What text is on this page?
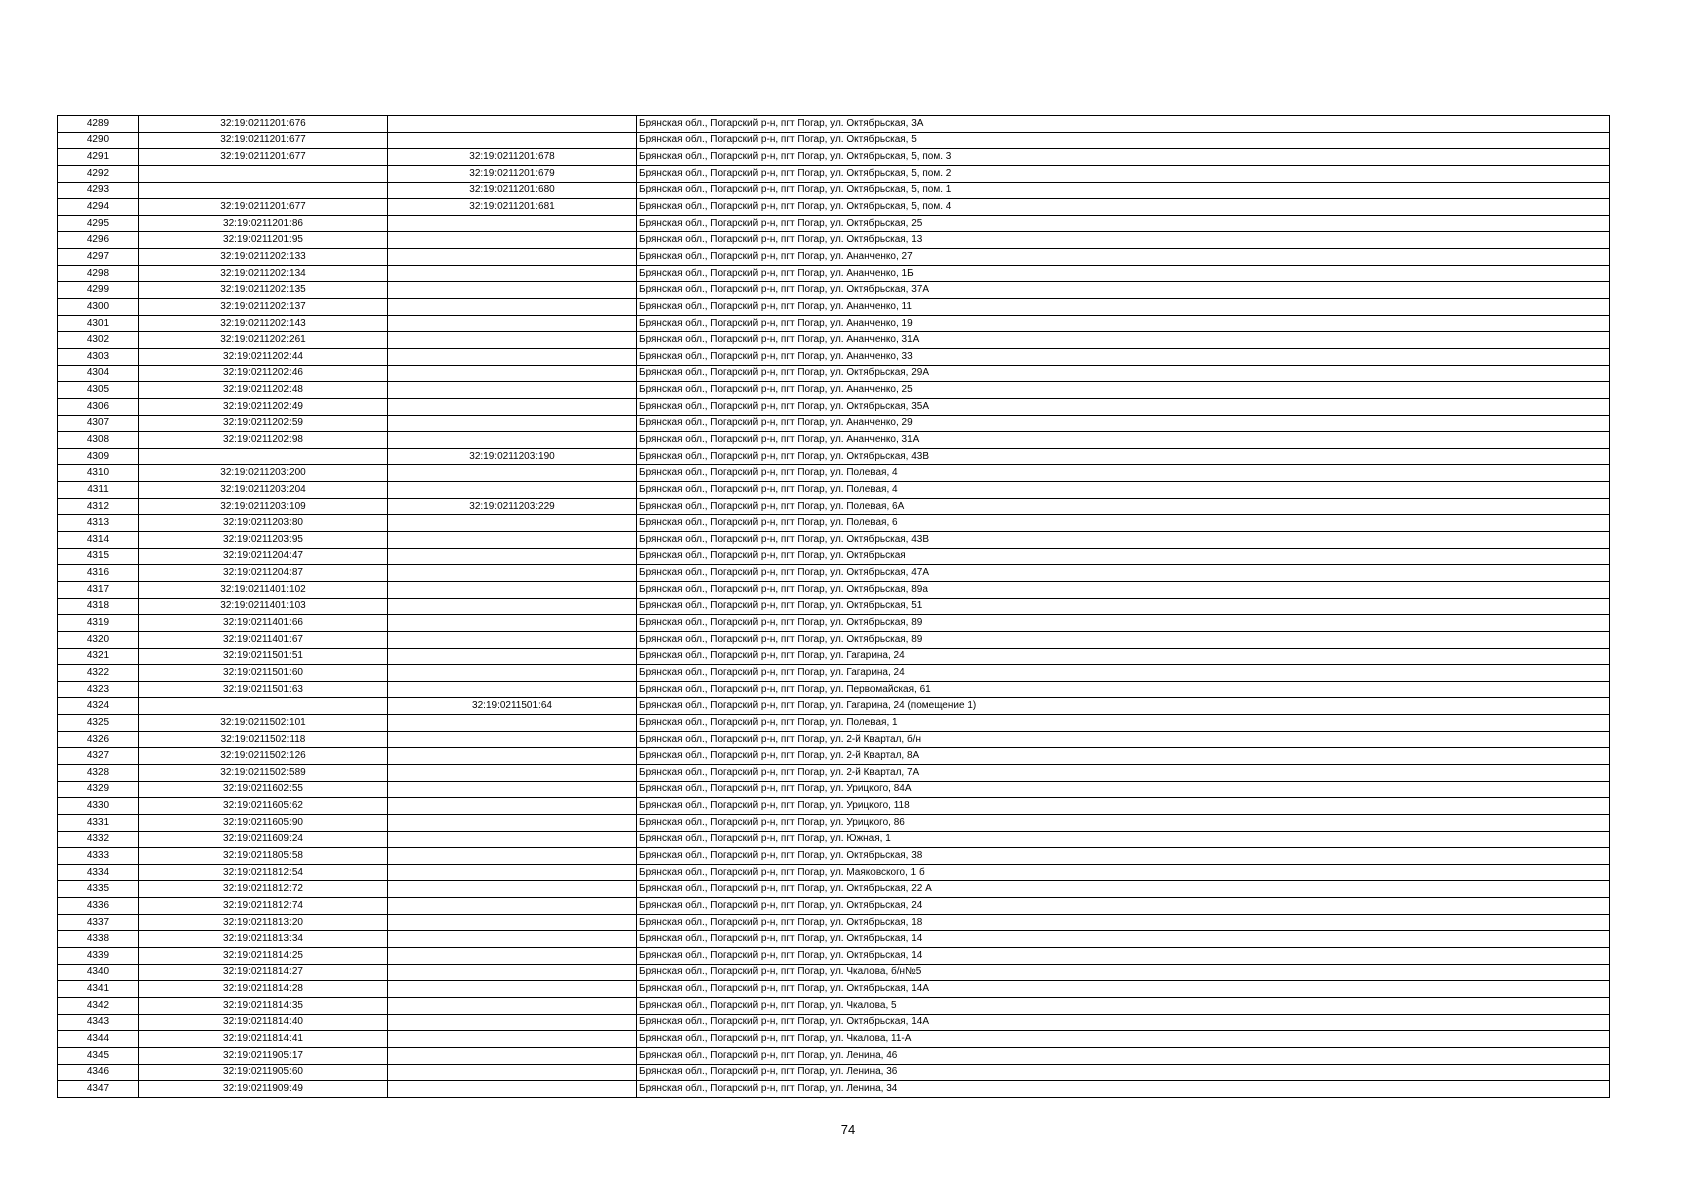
4289	32:19:0211201:676		Брянская обл., Погарский р-н, пгт Погар, ул. Октябрьская, 3А
4290	32:19:0211201:677		Брянская обл., Погарский р-н, пгт Погар, ул. Октябрьская, 5
4291	32:19:0211201:677	32:19:0211201:678	Брянская обл., Погарский р-н, пгт Погар, ул. Октябрьская, 5, пом. 3
4292		32:19:0211201:679	Брянская обл., Погарский р-н, пгт Погар, ул. Октябрьская, 5, пом. 2
4293		32:19:0211201:680	Брянская обл., Погарский р-н, пгт Погар, ул. Октябрьская, 5, пом. 1
4294	32:19:0211201:677	32:19:0211201:681	Брянская обл., Погарский р-н, пгт Погар, ул. Октябрьская, 5, пом. 4
4295	32:19:0211201:86		Брянская обл., Погарский р-н, пгт Погар, ул. Октябрьская, 25
4296	32:19:0211201:95		Брянская обл., Погарский р-н, пгт Погар, ул. Октябрьская, 13
4297	32:19:0211202:133		Брянская обл., Погарский р-н, пгт Погар, ул. Ананченко, 27
4298	32:19:0211202:134		Брянская обл., Погарский р-н, пгт Погар, ул. Ананченко, 1Б
4299	32:19:0211202:135		Брянская обл., Погарский р-н, пгт Погар, ул. Октябрьская, 37А
4300	32:19:0211202:137		Брянская обл., Погарский р-н, пгт Погар, ул. Ананченко, 11
4301	32:19:0211202:143		Брянская обл., Погарский р-н, пгт Погар, ул. Ананченко, 19
4302	32:19:0211202:261		Брянская обл., Погарский р-н, пгт Погар, ул. Ананченко, 31А
4303	32:19:0211202:44		Брянская обл., Погарский р-н, пгт Погар, ул. Ананченко, 33
4304	32:19:0211202:46		Брянская обл., Погарский р-н, пгт Погар, ул. Октябрьская, 29А
4305	32:19:0211202:48		Брянская обл., Погарский р-н, пгт Погар, ул. Ананченко, 25
4306	32:19:0211202:49		Брянская обл., Погарский р-н, пгт Погар, ул. Октябрьская, 35А
4307	32:19:0211202:59		Брянская обл., Погарский р-н, пгт Погар, ул. Ананченко, 29
4308	32:19:0211202:98		Брянская обл., Погарский р-н, пгт Погар, ул. Ананченко, 31А
4309		32:19:0211203:190	Брянская обл., Погарский р-н, пгт Погар, ул. Октябрьская, 43В
4310	32:19:0211203:200		Брянская обл., Погарский р-н, пгт Погар, ул. Полевая, 4
4311	32:19:0211203:204		Брянская обл., Погарский р-н, пгт Погар, ул. Полевая, 4
4312	32:19:0211203:109	32:19:0211203:229	Брянская обл., Погарский р-н, пгт Погар, ул. Полевая, 6А
4313	32:19:0211203:80		Брянская обл., Погарский р-н, пгт Погар, ул. Полевая, 6
4314	32:19:0211203:95		Брянская обл., Погарский р-н, пгт Погар, ул. Октябрьская, 43В
4315	32:19:0211204:47		Брянская обл., Погарский р-н, пгт Погар, ул. Октябрьская
4316	32:19:0211204:87		Брянская обл., Погарский р-н, пгт Погар, ул. Октябрьская, 47А
4317	32:19:0211401:102		Брянская обл., Погарский р-н, пгт Погар, ул. Октябрьская, 89а
4318	32:19:0211401:103		Брянская обл., Погарский р-н, пгт Погар, ул. Октябрьская, 51
4319	32:19:0211401:66		Брянская обл., Погарский р-н, пгт Погар, ул. Октябрьская, 89
4320	32:19:0211401:67		Брянская обл., Погарский р-н, пгт Погар, ул. Октябрьская, 89
4321	32:19:0211501:51		Брянская обл., Погарский р-н, пгт Погар, ул. Гагарина, 24
4322	32:19:0211501:60		Брянская обл., Погарский р-н, пгт Погар, ул. Гагарина, 24
4323	32:19:0211501:63		Брянская обл., Погарский р-н, пгт Погар, ул. Первомайская, 61
4324		32:19:0211501:64	Брянская обл., Погарский р-н, пгт Погар, ул. Гагарина, 24 (помещение 1)
4325	32:19:0211502:101		Брянская обл., Погарский р-н, пгт Погар, ул. Полевая, 1
4326	32:19:0211502:118		Брянская обл., Погарский р-н, пгт Погар, ул. 2-й Квартал, б/н
4327	32:19:0211502:126		Брянская обл., Погарский р-н, пгт Погар, ул. 2-й Квартал, 8А
4328	32:19:0211502:589		Брянская обл., Погарский р-н, пгт Погар, ул. 2-й Квартал, 7А
4329	32:19:0211602:55		Брянская обл., Погарский р-н, пгт Погар, ул. Урицкого, 84А
4330	32:19:0211605:62		Брянская обл., Погарский р-н, пгт Погар, ул. Урицкого, 118
4331	32:19:0211605:90		Брянская обл., Погарский р-н, пгт Погар, ул. Урицкого, 86
4332	32:19:0211609:24		Брянская обл., Погарский р-н, пгт Погар, ул. Южная, 1
4333	32:19:0211805:58		Брянская обл., Погарский р-н, пгт Погар, ул. Октябрьская, 38
4334	32:19:0211812:54		Брянская обл., Погарский р-н, пгт Погар, ул. Маяковского, 1 б
4335	32:19:0211812:72		Брянская обл., Погарский р-н, пгт Погар, ул. Октябрьская, 22 А
4336	32:19:0211812:74		Брянская обл., Погарский р-н, пгт Погар, ул. Октябрьская, 24
4337	32:19:0211813:20		Брянская обл., Погарский р-н, пгт Погар, ул. Октябрьская, 18
4338	32:19:0211813:34		Брянская обл., Погарский р-н, пгт Погар, ул. Октябрьская, 14
4339	32:19:0211814:25		Брянская обл., Погарский р-н, пгт Погар, ул. Октябрьская, 14
4340	32:19:0211814:27		Брянская обл., Погарский р-н, пгт Погар, ул. Чкалова, б/н№5
4341	32:19:0211814:28		Брянская обл., Погарский р-н, пгт Погар, ул. Октябрьская, 14А
4342	32:19:0211814:35		Брянская обл., Погарский р-н, пгт Погар, ул. Чкалова, 5
4343	32:19:0211814:40		Брянская обл., Погарский р-н, пгт Погар, ул. Октябрьская, 14А
4344	32:19:0211814:41		Брянская обл., Погарский р-н, пгт Погар, ул. Чкалова, 11-А
4345	32:19:0211905:17		Брянская обл., Погарский р-н, пгт Погар, ул. Ленина, 46
4346	32:19:0211905:60		Брянская обл., Погарский р-н, пгт Погар, ул. Ленина, 36
4347	32:19:0211909:49		Брянская обл., Погарский р-н, пгт Погар, ул. Ленина, 34
74
